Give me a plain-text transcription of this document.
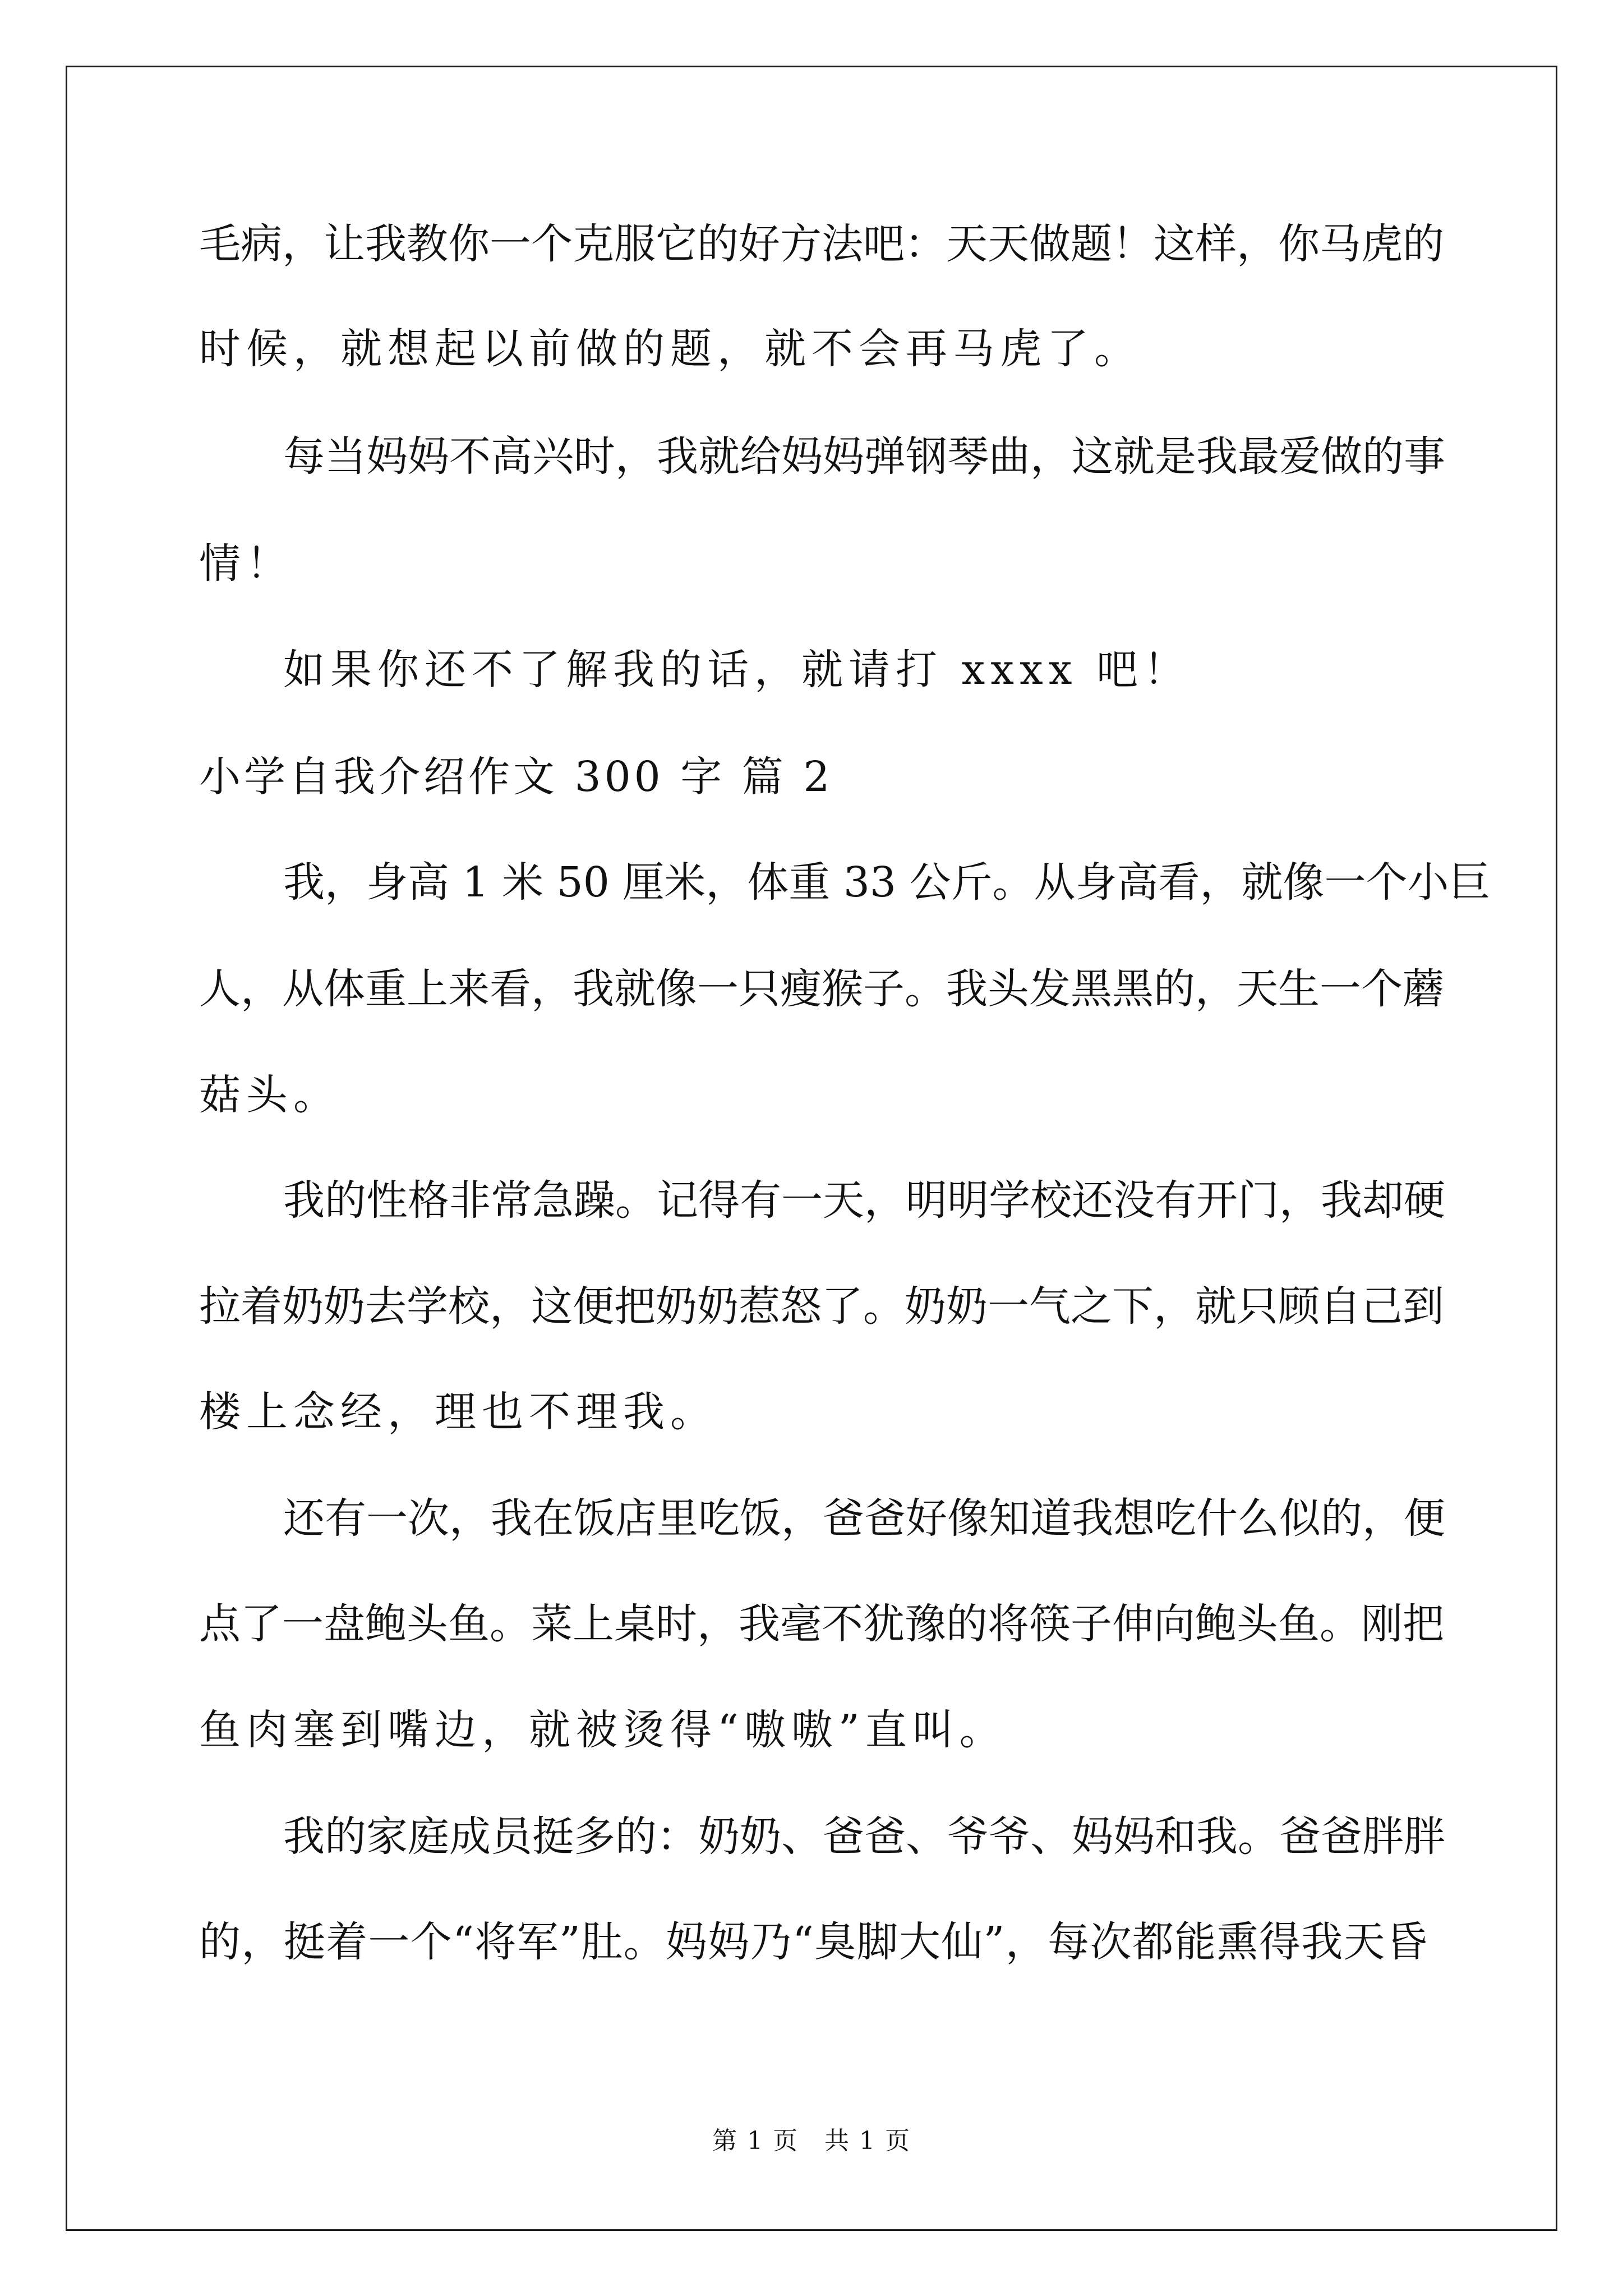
毛病，让我教你一个克服它的好方法吧：天天做题！这样，你马虎的
时候，就想起以前做的题，就不会再马虎了。
每当妈妈不高兴时，我就给妈妈弹钢琴曲，这就是我最爱做的事
情！
如果你还不了解我的话，就请打 xxxx 吧！
小学自我介绍作文 300 字 篇 2
我，身高 1 米 50 厘米，体重 33 公斤。从身高看，就像一个小巨
人，从体重上来看，我就像一只瘦猴子。我头发黑黑的，天生一个蘑
菇头。
我的性格非常急躁。记得有一天，明明学校还没有开门，我却硬
拉着奶奶去学校，这便把奶奶惹怒了。奶奶一气之下，就只顾自己到
楼上念经，理也不理我。
还有一次，我在饭店里吃饭，爸爸好像知道我想吃什么似的，便
点了一盘鲍头鱼。菜上桌时，我毫不犹豫的将筷子伸向鲍头鱼。刚把
鱼肉塞到嘴边，就被烫得“嗷嗷”直叫。
我的家庭成员挺多的：奶奶、爸爸、爷爷、妈妈和我。爸爸胖胖
的，挺着一个“将军”肚。妈妈乃“臭脚大仙”，每次都能熏得我天昏
第 1 页　共 1 页
